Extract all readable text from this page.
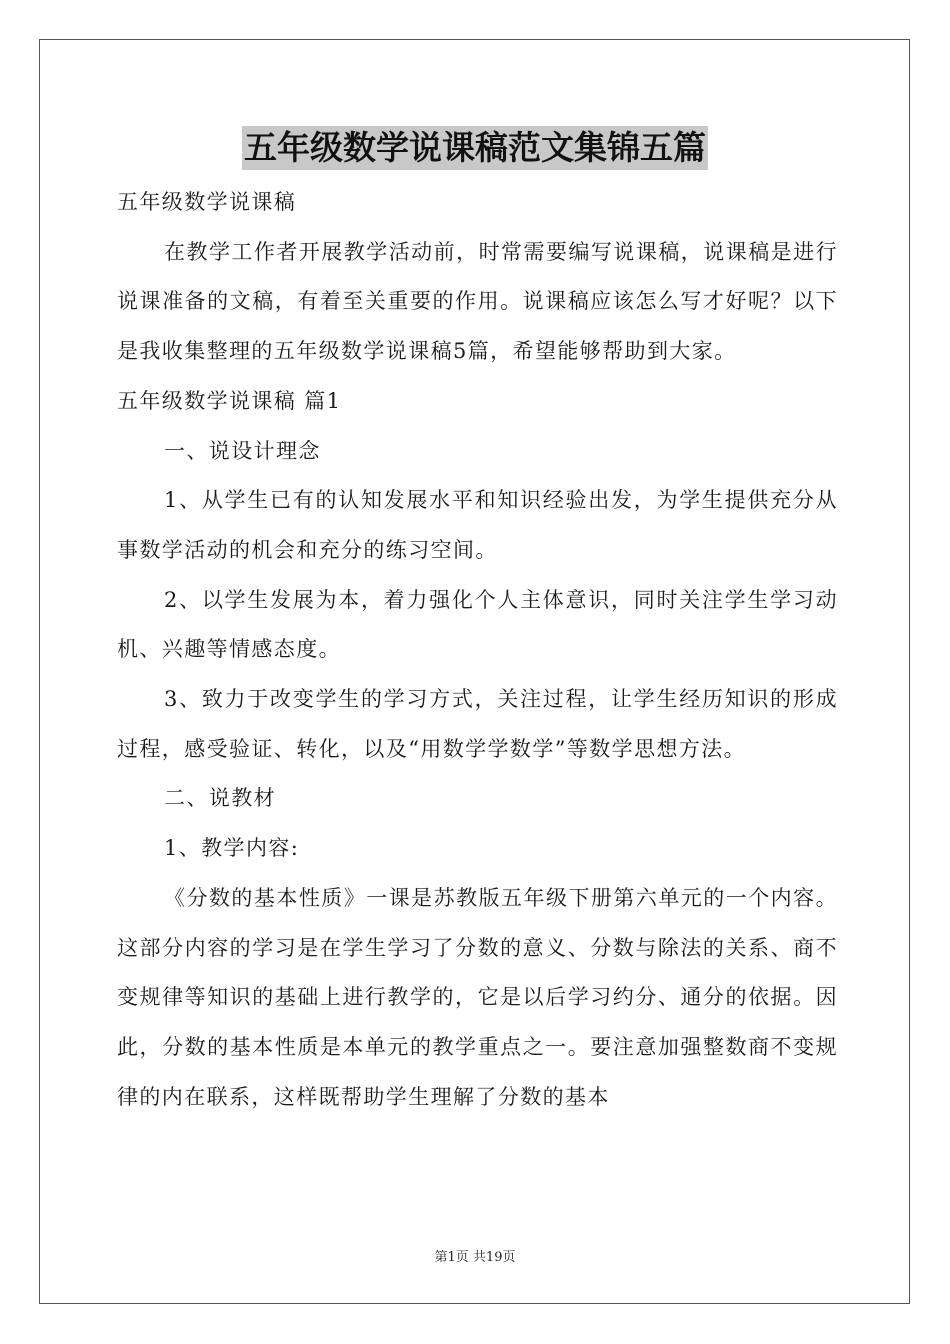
五年级数学说课稿范文集锦五篇

五年级数学说课稿

在教学工作者开展教学活动前，时常需要编写说课稿，说课稿是进行说课准备的文稿，有着至关重要的作用。说课稿应该怎么写才好呢？以下是我收集整理的五年级数学说课稿5篇，希望能够帮助到大家。

五年级数学说课稿 篇1

一、说设计理念

1、从学生已有的认知发展水平和知识经验出发，为学生提供充分从事数学活动的机会和充分的练习空间。

2、以学生发展为本，着力强化个人主体意识，同时关注学生学习动机、兴趣等情感态度。

3、致力于改变学生的学习方式，关注过程，让学生经历知识的形成过程，感受验证、转化，以及“用数学学数学”等数学思想方法。

二、说教材

1、教学内容:

《分数的基本性质》一课是苏教版五年级下册第六单元的一个内容。这部分内容的学习是在学生学习了分数的意义、分数与除法的关系、商不变规律等知识的基础上进行教学的，它是以后学习约分、通分的依据。因此，分数的基本性质是本单元的教学重点之一。要注意加强整数商不变规律的内在联系，这样既帮助学生理解了分数的基本

第1页 共19页
